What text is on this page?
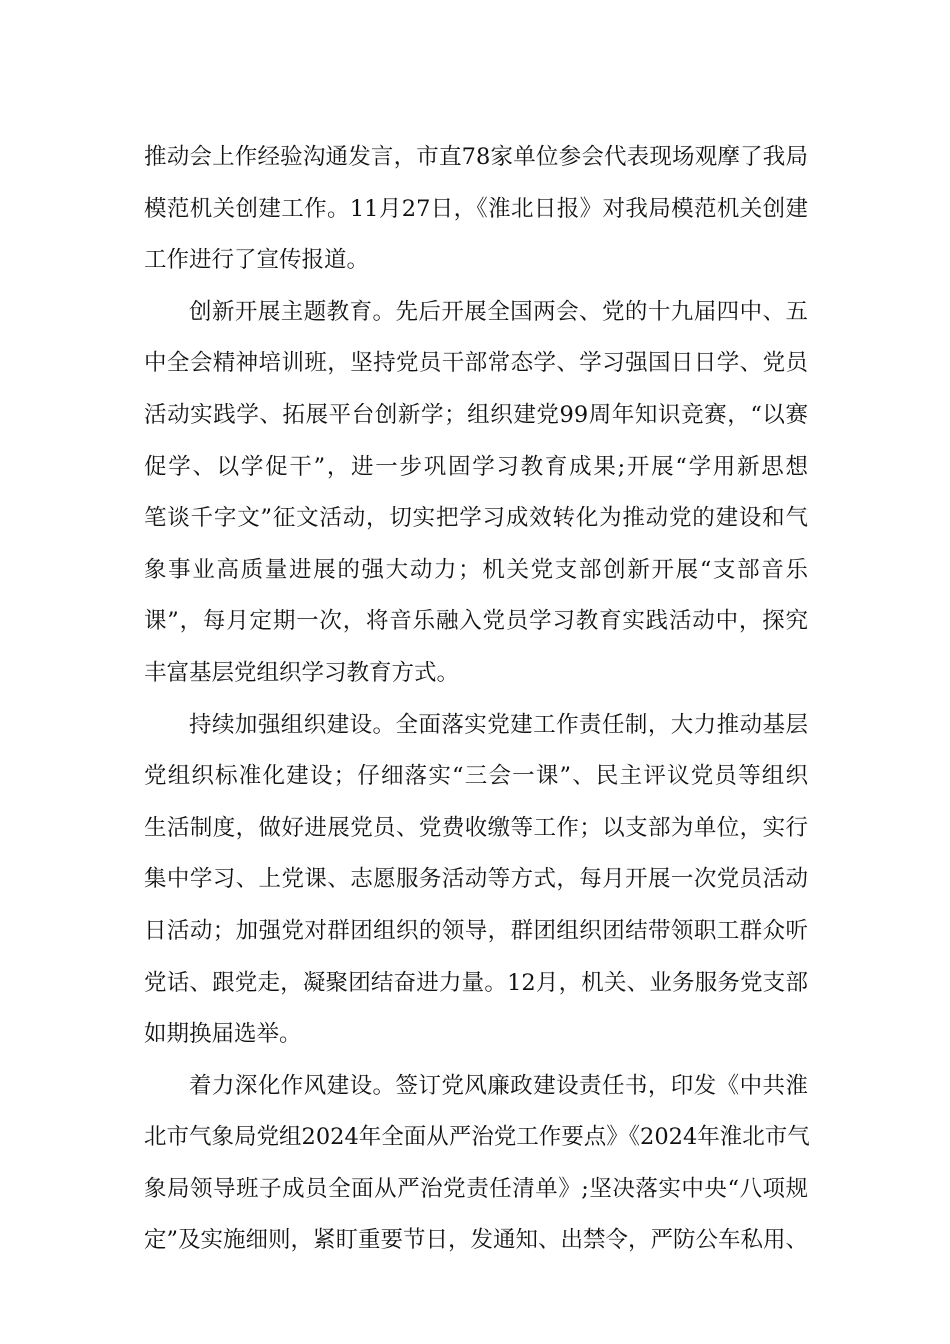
推动会上作经验沟通发言，市直78家单位参会代表现场观摩了我局
模范机关创建工作。11月27日，《淮北日报》对我局模范机关创建
工作进行了宣传报道。
创新开展主题教育。先后开展全国两会、党的十九届四中、五
中全会精神培训班，坚持党员干部常态学、学习强国日日学、党员
活动实践学、拓展平台创新学；组织建党99周年知识竞赛，“以赛
促学、以学促干”，进一步巩固学习教育成果;开展“学用新思想
笔谈千字文”征文活动，切实把学习成效转化为推动党的建设和气
象事业高质量进展的强大动力；机关党支部创新开展“支部音乐
课”，每月定期一次，将音乐融入党员学习教育实践活动中，探究
丰富基层党组织学习教育方式。
持续加强组织建设。全面落实党建工作责任制，大力推动基层
党组织标准化建设；仔细落实“三会一课”、民主评议党员等组织
生活制度，做好进展党员、党费收缴等工作；以支部为单位，实行
集中学习、上党课、志愿服务活动等方式，每月开展一次党员活动
日活动；加强党对群团组织的领导，群团组织团结带领职工群众听
党话、跟党走，凝聚团结奋进力量。12月，机关、业务服务党支部
如期换届选举。
着力深化作风建设。签订党风廉政建设责任书，印发《中共淮
北市气象局党组2024年全面从严治党工作要点》《2024年淮北市气
象局领导班子成员全面从严治党责任清单》;坚决落实中央“八项规
定”及实施细则，紧盯重要节日，发通知、出禁令，严防公车私用、
